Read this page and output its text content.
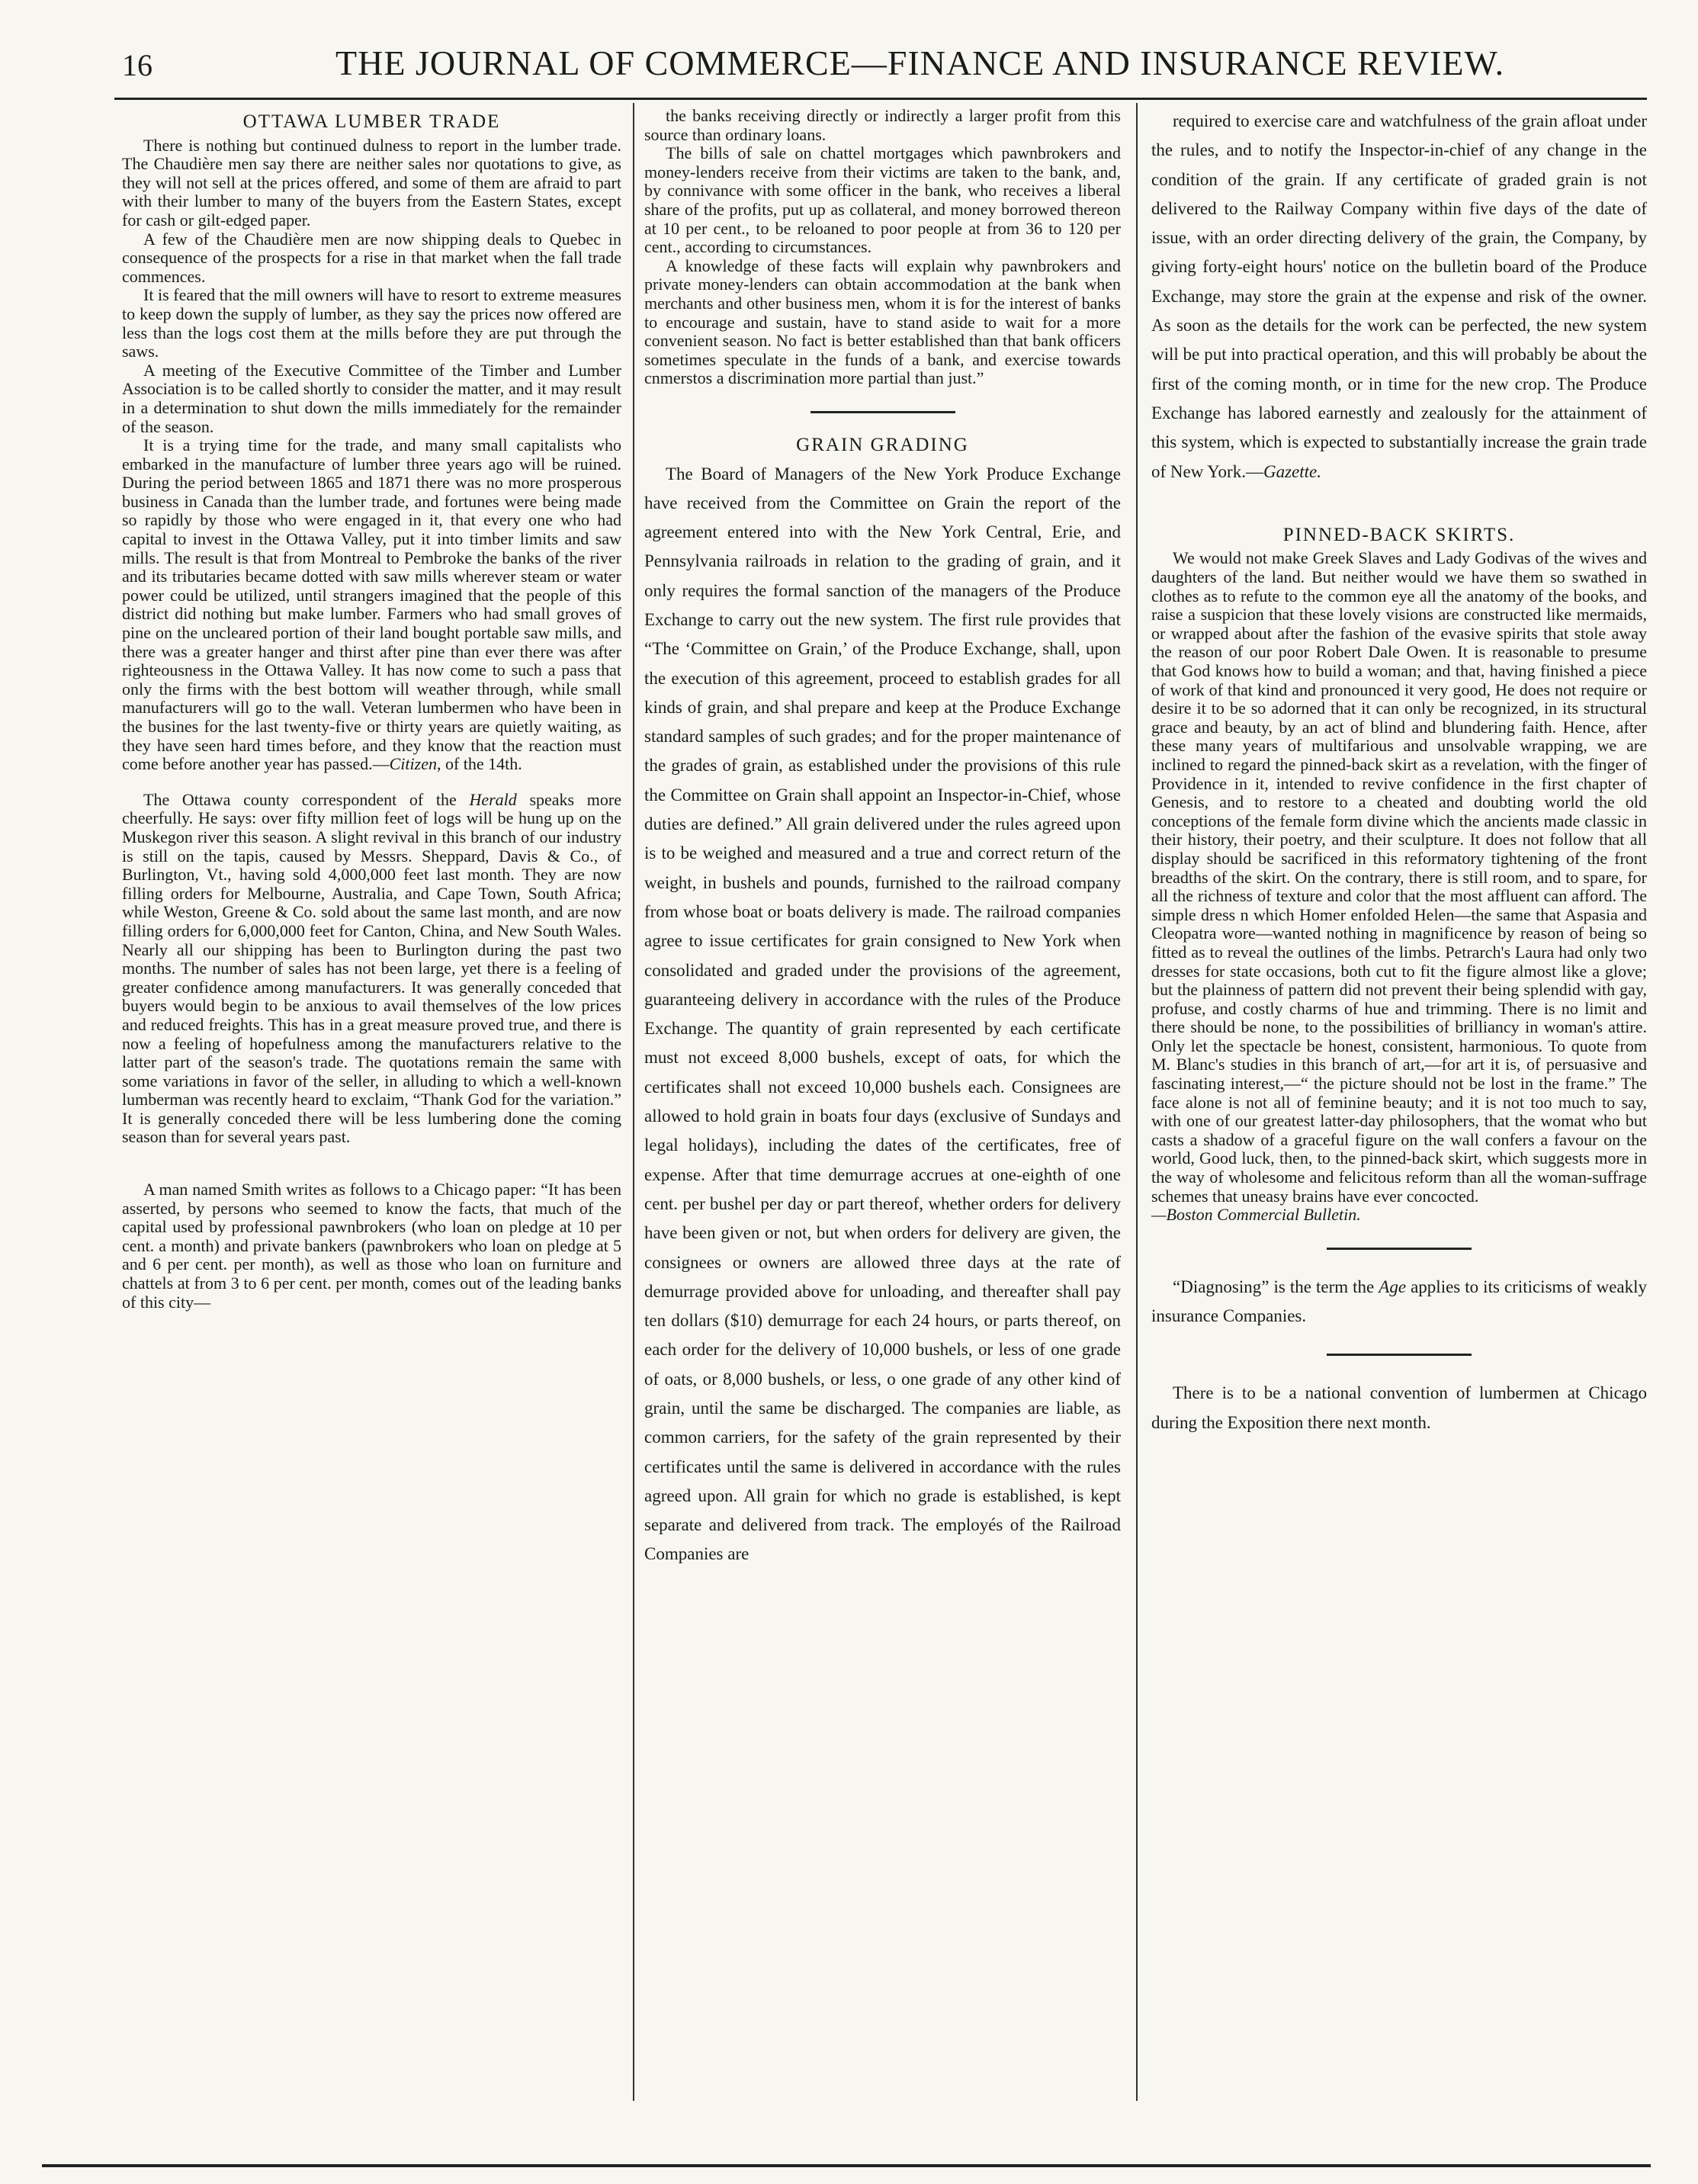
16	THE JOURNAL OF COMMERCE—FINANCE AND INSURANCE REVIEW.
OTTAWA LUMBER TRADE

There is nothing but continued dulness to report in the lumber trade. The Chaudière men say there are neither sales nor quotations to give, as they will not sell at the prices offered, and some of them are afraid to part with their lumber to many of the buyers from the Eastern States, except for cash or gilt-edged paper.

A few of the Chaudière men are now shipping deals to Quebec in consequence of the prospects for a rise in that market when the fall trade commences.

It is feared that the mill owners will have to resort to extreme measures to keep down the supply of lumber, as they say the prices now offered are less than the logs cost them at the mills before they are put through the saws.

A meeting of the Executive Committee of the Timber and Lumber Association is to be called shortly to consider the matter, and it may result in a determination to shut down the mills immediately for the remainder of the season.

It is a trying time for the trade, and many small capitalists who embarked in the manufacture of lumber three years ago will be ruined. During the period between 1865 and 1871 there was no more prosperous business in Canada than the lumber trade, and fortunes were being made so rapidly by those who were engaged in it, that every one who had capital to invest in the Ottawa Valley, put it into timber limits and saw mills. The result is that from Montreal to Pembroke the banks of the river and its tributaries became dotted with saw mills wherever steam or water power could be utilized, until strangers imagined that the people of this district did nothing but make lumber. Farmers who had small groves of pine on the uncleared portion of their land bought portable saw mills, and there was a greater hanger and thirst after pine than ever there was after righteousness in the Ottawa Valley. It has now come to such a pass that only the firms with the best bottom will weather through, while small manufacturers will go to the wall. Veteran lumbermen who have been in the busines for the last twenty-five or thirty years are quietly waiting, as they have seen hard times before, and they know that the reaction must come before another year has passed.—Citizen, of the 14th.

The Ottawa county correspondent of the Herald speaks more cheerfully. He says: over fifty million feet of logs will be hung up on the Muskegon river this season. A slight revival in this branch of our industry is still on the tapis, caused by Messrs. Sheppard, Davis & Co., of Burlington, Vt., having sold 4,000,000 feet last month. They are now filling orders for Melbourne, Australia, and Cape Town, South Africa; while Weston, Greene & Co. sold about the same last month, and are now filling orders for 6,000,000 feet for Canton, China, and New South Wales. Nearly all our shipping has been to Burlington during the past two months. The number of sales has not been large, yet there is a feeling of greater confidence among manufacturers. It was generally conceded that buyers would begin to be anxious to avail themselves of the low prices and reduced freights. This has in a great measure proved true, and there is now a feeling of hopefulness among the manufacturers relative to the latter part of the season's trade. The quotations remain the same with some variations in favor of the seller, in alluding to which a well-known lumberman was recently heard to exclaim, “Thank God for the variation.” It is generally conceded there will be less lumbering done the coming season than for several years past.

A man named Smith writes as follows to a Chicago paper: “It has been asserted, by persons who seemed to know the facts, that much of the capital used by professional pawnbrokers (who loan on pledge at 10 per cent. a month) and private bankers (pawnbrokers who loan on pledge at 5 and 6 per cent. per month), as well as those who loan on furniture and chattels at from 3 to 6 per cent. per month, comes out of the leading banks of this city—

the banks receiving directly or indirectly a larger profit from this source than ordinary loans.

The bills of sale on chattel mortgages which pawnbrokers and money-lenders receive from their victims are taken to the bank, and, by connivance with some officer in the bank, who receives a liberal share of the profits, put up as collateral, and money borrowed thereon at 10 per cent., to be reloaned to poor people at from 36 to 120 per cent., according to circumstances.

A knowledge of these facts will explain why pawnbrokers and private money-lenders can obtain accommodation at the bank when merchants and other business men, whom it is for the interest of banks to encourage and sustain, have to stand aside to wait for a more convenient season. No fact is better established than that bank officers sometimes speculate in the funds of a bank, and exercise towards cnmerstos a discrimination more partial than just.”

GRAIN GRADING

The Board of Managers of the New York Produce Exchange have received from the Committee on Grain the report of the agreement entered into with the New York Central, Erie, and Pennsylvania railroads in relation to the grading of grain, and it only requires the formal sanction of the managers of the Produce Exchange to carry out the new system. The first rule provides that “The ‘Committee on Grain,’ of the Produce Exchange, shall, upon the execution of this agreement, proceed to establish grades for all kinds of grain, and shal prepare and keep at the Produce Exchange standard samples of such grades; and for the proper maintenance of the grades of grain, as established under the provisions of this rule the Committee on Grain shall appoint an Inspector-in-Chief, whose duties are defined.” All grain delivered under the rules agreed upon is to be weighed and measured and a true and correct return of the weight, in bushels and pounds, furnished to the railroad company from whose boat or boats delivery is made. The railroad companies agree to issue certificates for grain consigned to New York when consolidated and graded under the provisions of the agreement, guaranteeing delivery in accordance with the rules of the Produce Exchange. The quantity of grain represented by each certificate must not exceed 8,000 bushels, except of oats, for which the certificates shall not exceed 10,000 bushels each. Consignees are allowed to hold grain in boats four days (exclusive of Sundays and legal holidays), including the dates of the certificates, free of expense. After that time demurrage accrues at one-eighth of one cent. per bushel per day or part thereof, whether orders for delivery have been given or not, but when orders for delivery are given, the consignees or owners are allowed three days at the rate of demurrage provided above for unloading, and thereafter shall pay ten dollars ($10) demurrage for each 24 hours, or parts thereof, on each order for the delivery of 10,000 bushels, or less of one grade of oats, or 8,000 bushels, or less, o one grade of any other kind of grain, until the same be discharged. The companies are liable, as common carriers, for the safety of the grain represented by their certificates until the same is delivered in accordance with the rules agreed upon. All grain for which no grade is established, is kept separate and delivered from track. The employés of the Railroad Companies are

required to exercise care and watchfulness of the grain afloat under the rules, and to notify the Inspector-in-chief of any change in the condition of the grain. If any certificate of graded grain is not delivered to the Railway Company within five days of the date of issue, with an order directing delivery of the grain, the Company, by giving forty-eight hours' notice on the bulletin board of the Produce Exchange, may store the grain at the expense and risk of the owner. As soon as the details for the work can be perfected, the new system will be put into practical operation, and this will probably be about the first of the coming month, or in time for the new crop. The Produce Exchange has labored earnestly and zealously for the attainment of this system, which is expected to substantially increase the grain trade of New York.—Gazette.

PINNED-BACK SKIRTS.

We would not make Greek Slaves and Lady Godivas of the wives and daughters of the land. But neither would we have them so swathed in clothes as to refute to the common eye all the anatomy of the books, and raise a suspicion that these lovely visions are constructed like mermaids, or wrapped about after the fashion of the evasive spirits that stole away the reason of our poor Robert Dale Owen. It is reasonable to presume that God knows how to build a woman; and that, having finished a piece of work of that kind and pronounced it very good, He does not require or desire it to be so adorned that it can only be recognized, in its structural grace and beauty, by an act of blind and blundering faith. Hence, after these many years of multifarious and unsolvable wrapping, we are inclined to regard the pinned-back skirt as a revelation, with the finger of Providence in it, intended to revive confidence in the first chapter of Genesis, and to restore to a cheated and doubting world the old conceptions of the female form divine which the ancients made classic in their history, their poetry, and their sculpture. It does not follow that all display should be sacrificed in this reformatory tightening of the front breadths of the skirt. On the contrary, there is still room, and to spare, for all the richness of texture and color that the most affluent can afford. The simple dress n which Homer enfolded Helen—the same that Aspasia and Cleopatra wore—wanted nothing in magnificence by reason of being so fitted as to reveal the outlines of the limbs. Petrarch's Laura had only two dresses for state occasions, both cut to fit the figure almost like a glove; but the plainness of pattern did not prevent their being splendid with gay, profuse, and costly charms of hue and trimming. There is no limit and there should be none, to the possibilities of brilliancy in woman's attire. Only let the spectacle be honest, consistent, harmonious. To quote from M. Blanc's studies in this branch of art,—for art it is, of persuasive and fascinating interest,—“ the picture should not be lost in the frame.” The face alone is not all of feminine beauty; and it is not too much to say, with one of our greatest latter-day philosophers, that the womat who but casts a shadow of a graceful figure on the wall confers a favour on the world, Good luck, then, to the pinned-back skirt, which suggests more in the way of wholesome and felicitous reform than all the woman-suffrage schemes that uneasy brains have ever concocted.
—Boston Commercial Bulletin.

“Diagnosing” is the term the Age applies to its criticisms of weakly insurance Companies.

There is to be a national convention of lumbermen at Chicago during the Exposition there next month.
